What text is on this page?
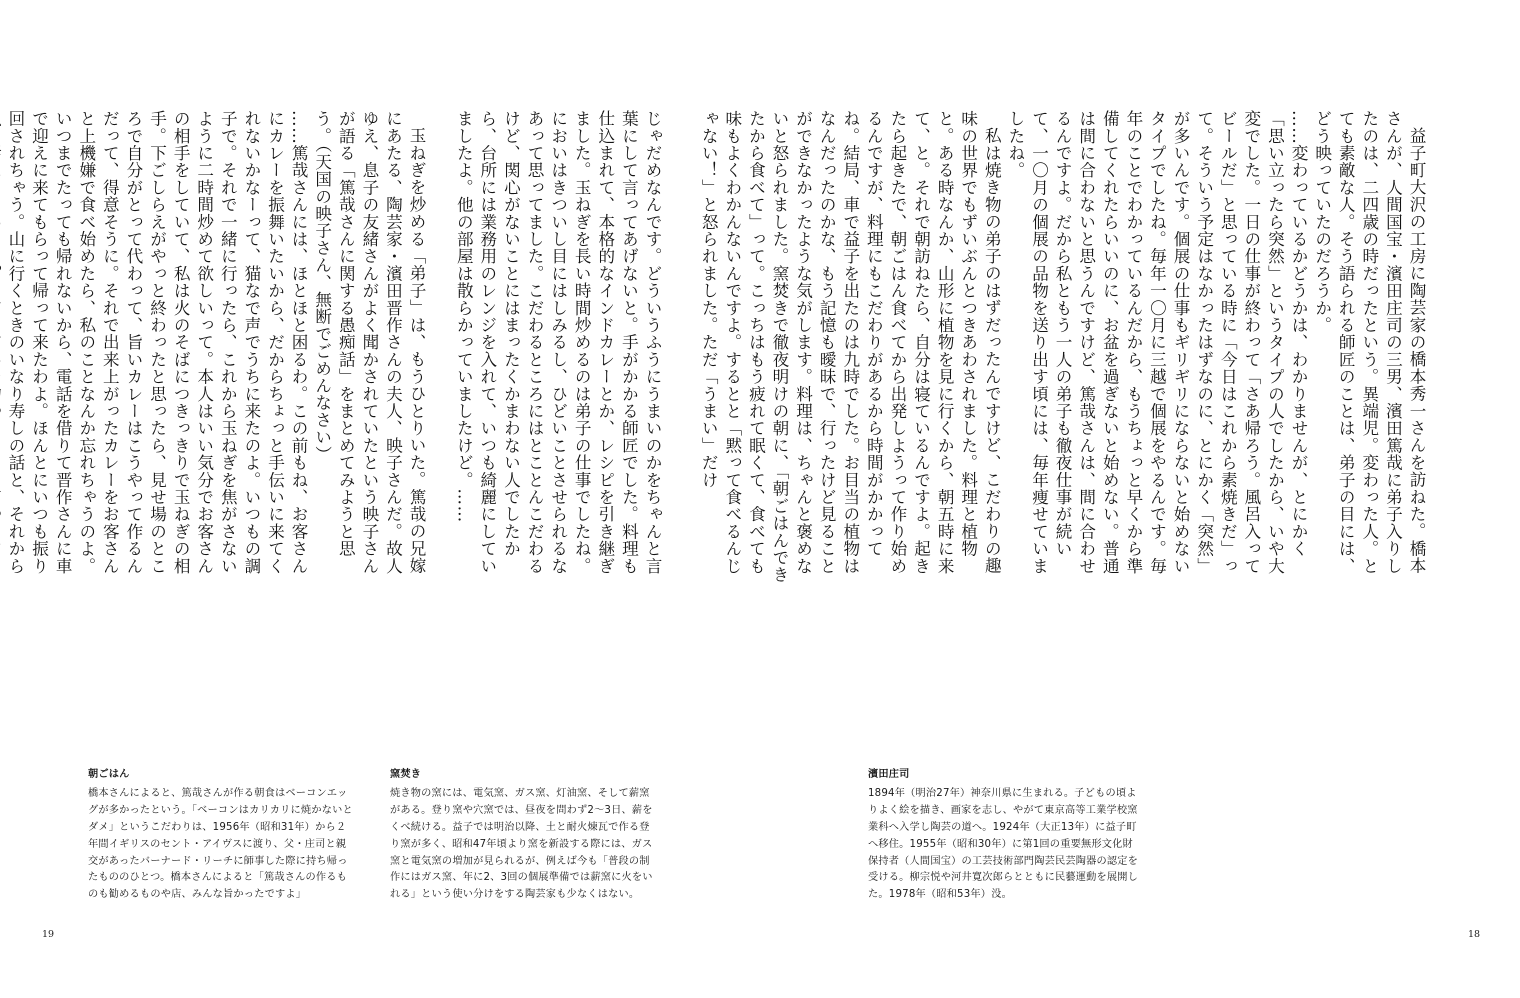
益子町大沢の工房に陶芸家の橋本秀一さんを訪ねた。橋本さんが、人間国宝・濱田庄司の三男、濱田篤哉に弟子入りしたのは、二四歳の時だったという。異端児。変わった人。とても素敵な人。そう語られる師匠のことは、弟子の目には、どう映っていたのだろうか。

……変わっているかどうかは、わかりませんが、とにかく「思い立ったら突然」というタイプの人でしたから、いや大変でした。一日の仕事が終わって「さあ帰ろう。風呂入ってビールだ」と思っている時に「今日はこれから素焼きだ」って。そういう予定はなかったはずなのに、とにかく「突然」が多いんです。個展の仕事もギリギリにならないと始めないタイプでしたね。毎年一〇月に三越で個展をやるんです。毎年のことでわかっているんだから、もうちょっと早くから準備してくれたらいいのに、お盆を過ぎないと始めない。普通は間に合わないと思うんですけど、篤哉さんは、間に合わせるんですよ。だから私ともう一人の弟子も徹夜仕事が続いて、一〇月の個展の品物を送り出す頃には、毎年痩せていましたね。

私は焼き物の弟子のはずだったんですけど、こだわりの趣味の世界でもずいぶんとつきあわされました。料理と植物と。ある時なんか、山形に植物を見に行くから、朝五時に来て、と。それで朝訪ねたら、自分は寝ているんですよ。起きたら起きたで、朝ごはん食べてから出発しようって作り始めるんですが、料理にもこだわりがあるから時間がかかってね。結局、車で益子を出たのは九時でした。お目当の植物はなんだったのかな、もう記憶も曖昧で、行ったけど見ることができなかったような気がします。料理は、ちゃんと褒めないと怒られました。窯焚きで徹夜明けの朝に、「朝ごはんできたから食べて」って。こっちはもう疲れて眠くて、食べても味もよくわかんないんですよ。するとと「黙って食べるんじゃない！」と怒られました。ただ「うまい」だけ

じゃだめなんです。どういうふうにうまいのかをちゃんと言葉にして言ってあげないと。手がかかる師匠でした。料理も仕込まれて、本格的なインドカレーとか、レシピを引き継ぎました。玉ねぎを長い時間炒めるのは弟子の仕事でしたね。においはきついし目にはしみるし、ひどいことさせられるなあって思ってました。こだわるところにはとことんこだわるけど、関心がないことにはまったくかまわない人でしたから、台所には業務用のレンジを入れて、いつも綺麗にしていましたよ。他の部屋は散らかっていましたけど。……

玉ねぎを炒める「弟子」は、もうひとりいた。篤哉の兄嫁にあたる、陶芸家・濱田晋作さんの夫人、映子さんだ。故人ゆえ、息子の友緒さんがよく聞かされていたという映子さんが語る「篤哉さんに関する愚痴話」をまとめてみようと思う。（天国の映子さん、無断でごめんなさい）

……篤哉さんには、ほとほと困るわ。この前もね、お客さんにカレーを振舞いたいから、だからちょっと手伝いに来てくれないかなーって、猫なで声でうちに来たのよ。いつもの調子で。それで一緒に行ったら、これから玉ねぎを焦がさないように二時間炒めて欲しいって。本人はいい気分でお客さんの相手をしていて、私は火のそばにつきっきりで玉ねぎの相手。下ごしらえがやっと終わったと思ったら、見せ場のところで自分がとって代わって、旨いカレーはこうやって作るんだって、得意そうに。それで出来上がったカレーをお客さんと上機嫌で食べ始めたら、私のことなんか忘れちゃうのよ。いつまでたっても帰れないから、電話を借りて晋作さんに車で迎えに来てもらって帰って来たわよ。ほんとにいつも振り回されちゃう。山に行くときのいなり寿しの話と、それから　

朝ごはん

橋本さんによると、篤哉さんが作る朝食はベーコンエッグが多かったという。「ベーコンはカリカリに焼かないとダメ」というこだわりは、1956年（昭和31年）から２年間イギリスのセント・アイヴスに渡り、父・庄司と親交があったバーナード・リーチに師事した際に持ち帰ったもののひとつ。橋本さんによると「篤哉さんの作るものも勧めるものや店、みんな旨かったですよ」

窯焚き

焼き物の窯には、電気窯、ガス窯、灯油窯、そして薪窯がある。登り窯や穴窯では、昼夜を問わず2〜3日、薪をくべ続ける。益子では明治以降、土と耐火煉瓦で作る登り窯が多く、昭和47年頃より窯を新設する際には、ガス窯と電気窯の増加が見られるが、例えば今も「普段の制作にはガス窯、年に2、3回の個展準備では薪窯に火をいれる」という使い分けをする陶芸家も少なくはない。

濱田庄司

1894年（明治27年）神奈川県に生まれる。子どもの頃よりよく絵を描き、画家を志し、やがて東京高等工業学校窯業科へ入学し陶芸の道へ。1924年（大正13年）に益子町へ移住。1955年（昭和30年）に第1回の重要無形文化財保持者（人間国宝）の工芸技術部門陶芸民芸陶器の認定を受ける。柳宗悦や河井寛次郎らとともに民藝運動を展開した。1978年（昭和53年）没。

19	18
